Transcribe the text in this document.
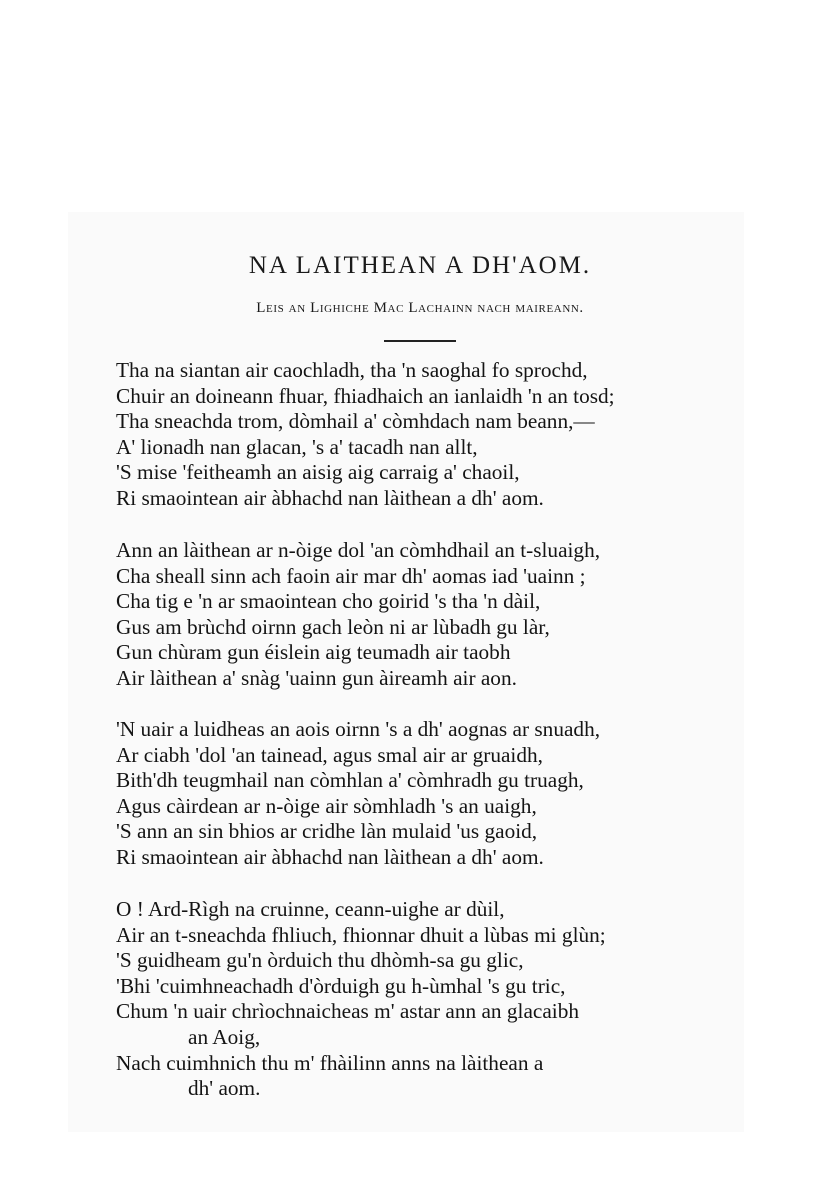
NA LAITHEAN A DH'AOM.
Leis an Lighiche Mac Lachainn nach maireann.
Tha na siantan air caochladh, tha 'n saoghal fo sprochd,
Chuir an doineann fhuar, fhiadhaich an ianlaidh 'n an tosd;
Tha sneachda trom, dòmhail a' còmhdach nam beann,—
A' lionadh nan glacan, 's a' tacadh nan allt,
'S mise 'feitheamh an aisig aig carraig a' chaoil,
Ri smaointean air àbhachd nan làithean a dh' aom.
Ann an làithean ar n-òige dol 'an còmhdhail an t-sluaigh,
Cha sheall sinn ach faoin air mar dh' aomas iad 'uainn ;
Cha tig e 'n ar smaointean cho goirid 's tha 'n dàil,
Gus am brùchd oirnn gach leòn ni ar lùbadh gu làr,
Gun chùram gun éislein aig teumadh air taobh
Air làithean a' snàg 'uainn gun àireamh air aon.
'N uair a luidheas an aois oirnn 's a dh' aognas ar snuadh,
Ar ciabh 'dol 'an tainead, agus smal air ar gruaidh,
Bith'dh teugmhail nan còmhlan a' còmhradh gu truagh,
Agus càirdean ar n-òige air sòmhladh 's an uaigh,
'S ann an sin bhios ar cridhe làn mulaid 'us gaoid,
Ri smaointean air àbhachd nan làithean a dh' aom.
O ! Ard-Rìgh na cruinne, ceann-uighe ar dùil,
Air an t-sneachda fhliuch, fhionnar dhuit a lùbas mi glùn;
'S guidheam gu'n òrduich thu dhòmh-sa gu glic,
'Bhi 'cuimhneachadh d'òrduigh gu h-ùmhal 's gu tric,
Chum 'n uair chrìochnaicheas m' astar ann an glacaibh
an Aoig,
Nach cuimhnich thu m' fhàilinn anns na làithean a
dh' aom.
